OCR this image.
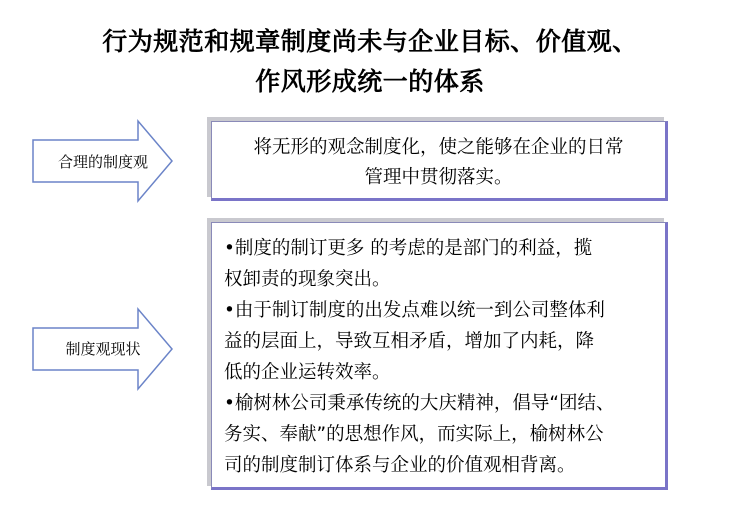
行为规范和规章制度尚未与企业目标、价值观、
作风形成统一的体系
合理的制度观
制度观现状
将无形的观念制度化，使之能够在企业的日常
管理中贯彻落实。
•制度的制订更多 的考虑的是部门的利益，揽
权卸责的现象突出。
•由于制订制度的出发点难以统一到公司整体利
益的层面上，导致互相矛盾，增加了内耗，降
低的企业运转效率。
•榆树林公司秉承传统的大庆精神，倡导“团结、
务实、奉献”的思想作风，而实际上，榆树林公
司的制度制订体系与企业的价值观相背离。
